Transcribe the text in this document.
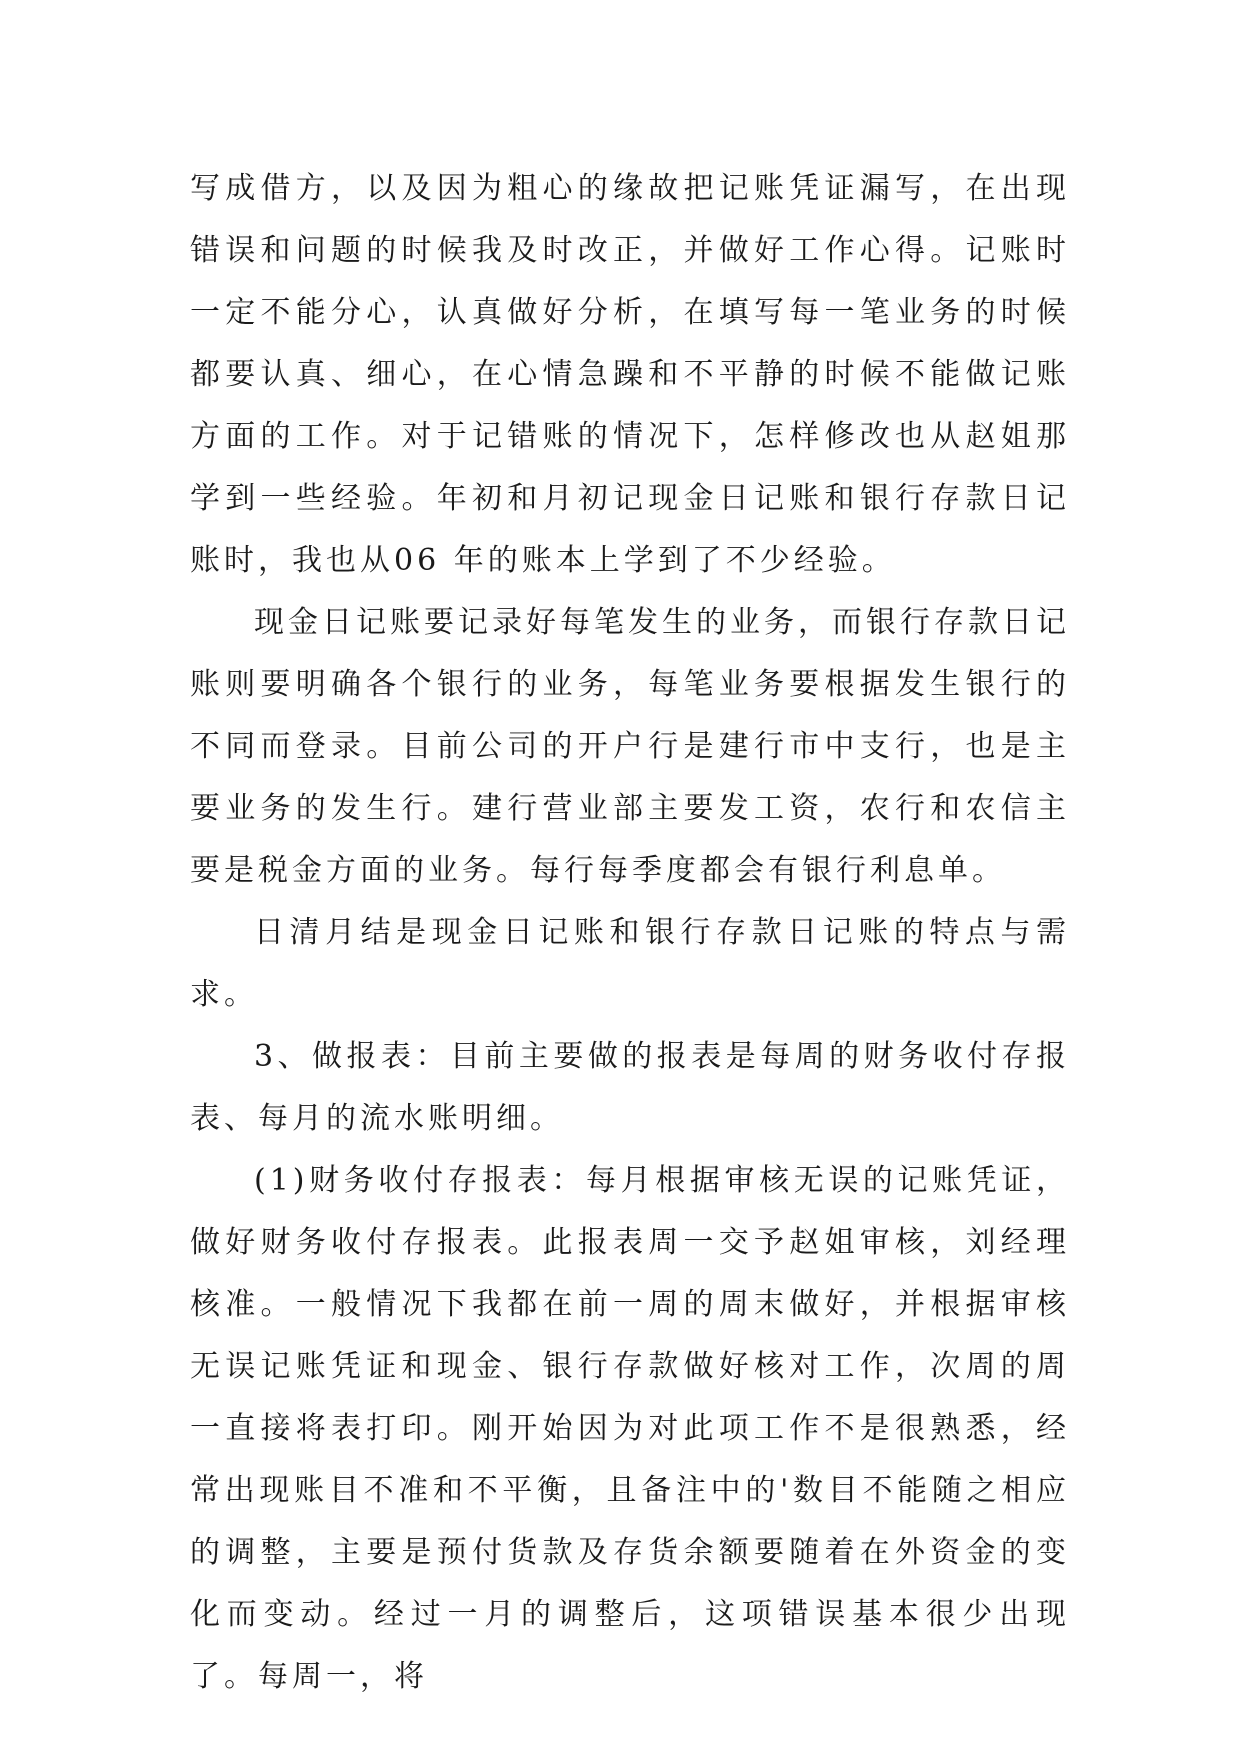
写成借方，以及因为粗心的缘故把记账凭证漏写，在出现错误和问题的时候我及时改正，并做好工作心得。记账时一定不能分心，认真做好分析，在填写每一笔业务的时候都要认真、细心，在心情急躁和不平静的时候不能做记账方面的工作。对于记错账的情况下，怎样修改也从赵姐那学到一些经验。年初和月初记现金日记账和银行存款日记账时，我也从06 年的账本上学到了不少经验。

现金日记账要记录好每笔发生的业务，而银行存款日记账则要明确各个银行的业务，每笔业务要根据发生银行的不同而登录。目前公司的开户行是建行市中支行，也是主要业务的发生行。建行营业部主要发工资，农行和农信主要是税金方面的业务。每行每季度都会有银行利息单。

日清月结是现金日记账和银行存款日记账的特点与需求。

3、做报表：目前主要做的报表是每周的财务收付存报表、每月的流水账明细。

(1)财务收付存报表：每月根据审核无误的记账凭证，做好财务收付存报表。此报表周一交予赵姐审核，刘经理核准。一般情况下我都在前一周的周末做好，并根据审核无误记账凭证和现金、银行存款做好核对工作，次周的周一直接将表打印。刚开始因为对此项工作不是很熟悉，经常出现账目不准和不平衡，且备注中的'数目不能随之相应的调整，主要是预付货款及存货余额要随着在外资金的变化而变动。经过一月的调整后，这项错误基本很少出现了。每周一，将
